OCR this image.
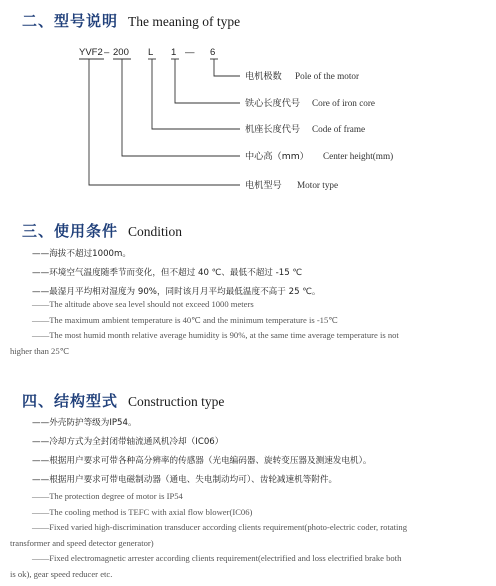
二、型号说明 The meaning of type
YVF2 – 200 L 1 — 6
电机极数 Pole of the motor
铁心长度代号 Core of iron core
机座长度代号 Code of frame
中心高（mm） Center height(mm)
电机型号 Motor type
三、使用条件 Condition
——海拔不超过1000m。
——环境空气温度随季节而变化，但不超过 40 ℃、最低不超过 -15 ℃
——最湿月平均相对湿度为 90%，同时该月月平均最低温度不高于 25 ℃。
——The altitude above sea level should not exceed 1000 meters
——The maximum ambient temperature is 40℃ and the minimum temperature is -15℃
——The most humid month relative average humidity is 90%, at the same time average temperature is not
higher than 25℃
四、结构型式 Construction type
——外壳防护等级为IP54。
——冷却方式为全封闭带轴流通风机冷却（IC06）
——根据用户要求可带各种高分辨率的传感器（光电编码器、旋转变压器及测速发电机）。
——根据用户要求可带电磁制动器（通电、失电制动均可）、齿轮减速机等附件。
——The protection degree of motor is IP54
——The cooling method is TEFC with axial flow blower(IC06)
——Fixed varied high-discrimination transducer according clients requirement(photo-electric coder, rotating
transformer and speed detector generator)
——Fixed electromagnetic arrester according clients requirement(electrified and loss electrified brake both
is ok), gear speed reducer etc.
